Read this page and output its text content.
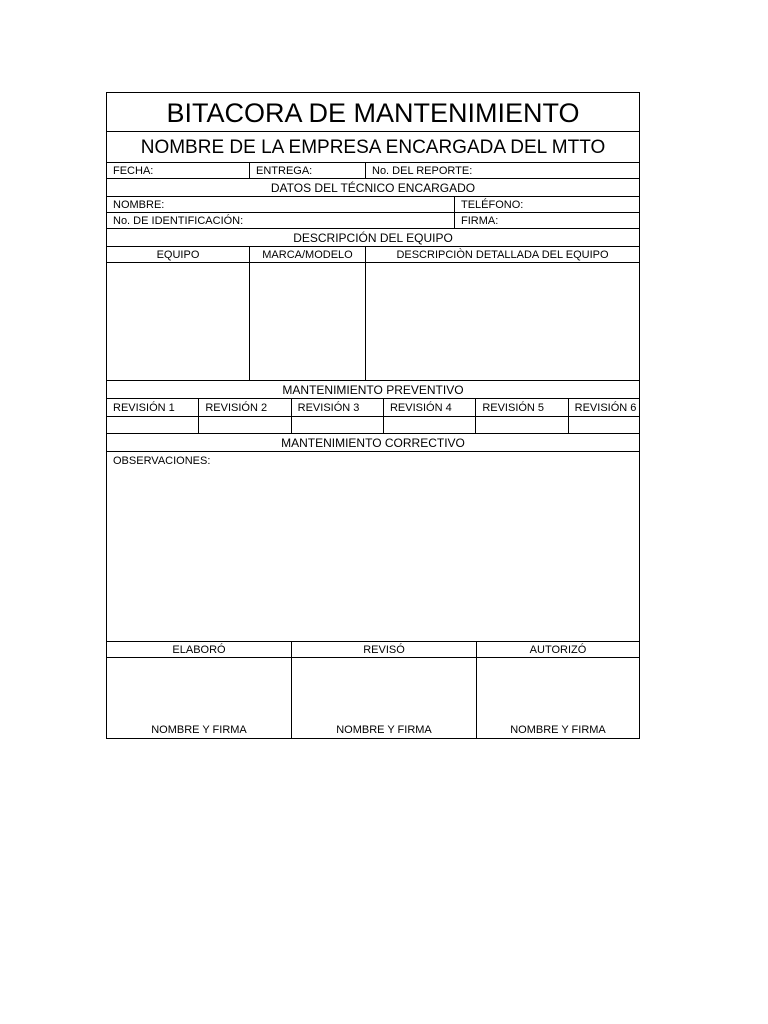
BITACORA DE MANTENIMIENTO
NOMBRE DE LA EMPRESA ENCARGADA DEL MTTO
FECHA:	ENTREGA:	No. DEL REPORTE:
DATOS DEL TÉCNICO ENCARGADO
NOMBRE:	TELÉFONO:
No. DE IDENTIFICACIÓN:	FIRMA:
DESCRIPCIÓN DEL EQUIPO
EQUIPO	MARCA/MODELO	DESCRIPCIÒN DETALLADA DEL EQUIPO
MANTENIMIENTO PREVENTIVO
REVISIÓN 1	REVISIÓN 2	REVISIÓN 3	REVISIÓN 4	REVISIÓN 5	REVISIÓN 6
MANTENIMIENTO CORRECTIVO
OBSERVACIONES:
ELABORÓ	REVISÓ	AUTORIZÓ
NOMBRE Y FIRMA	NOMBRE Y FIRMA	NOMBRE Y FIRMA
